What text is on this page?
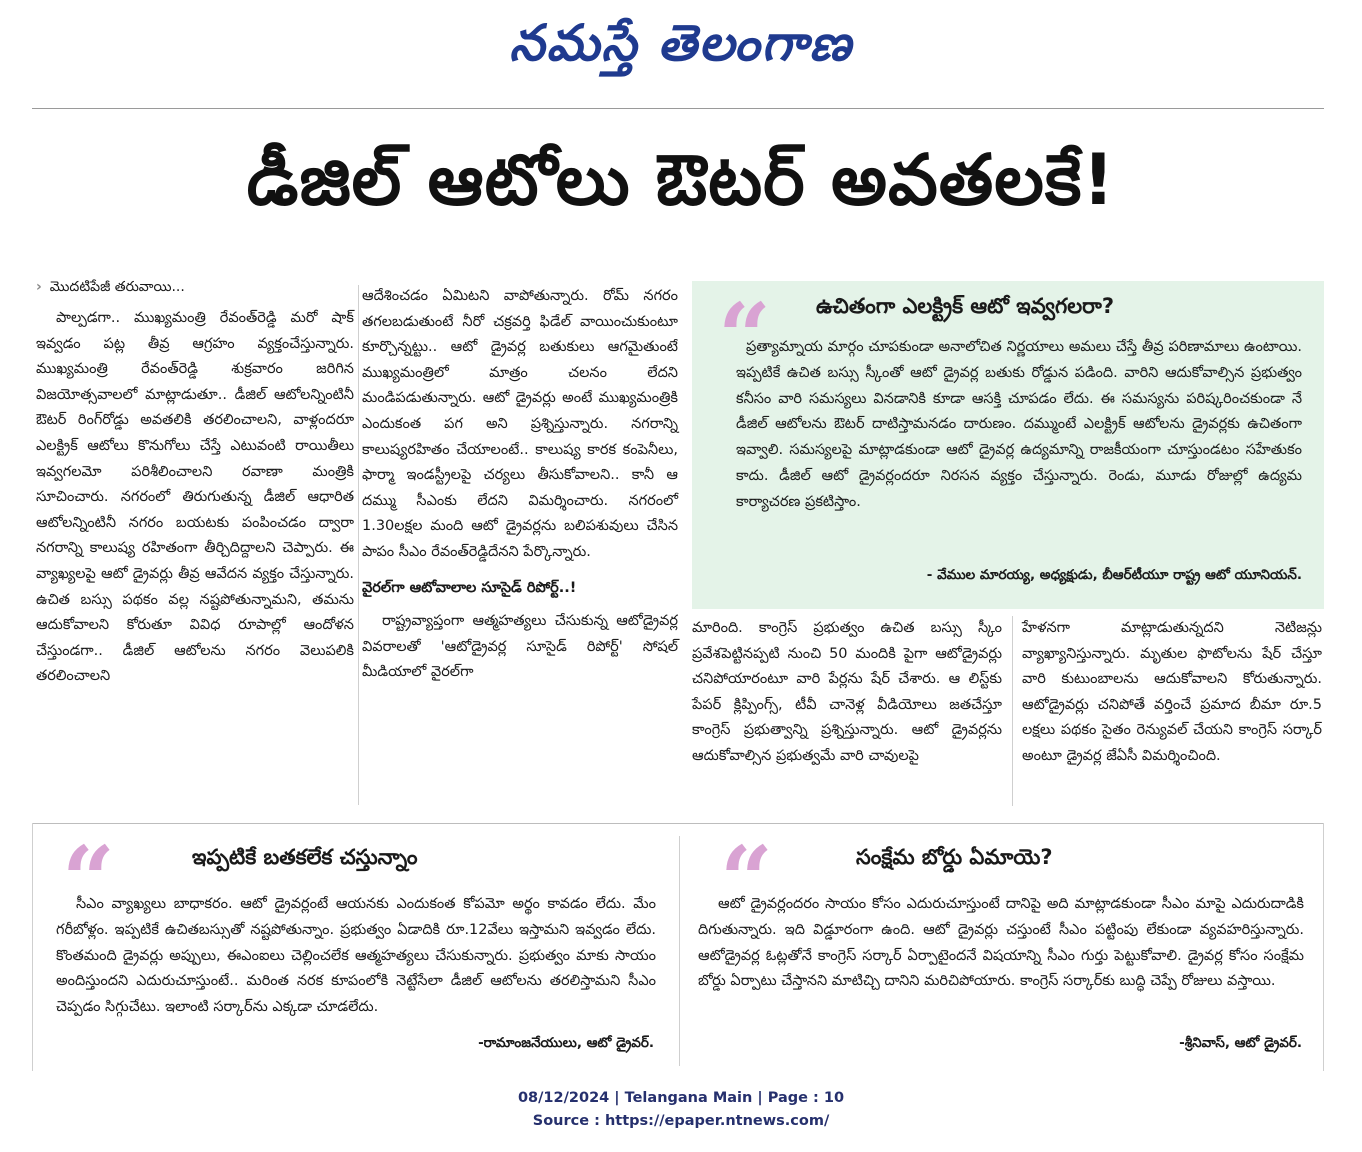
నమస్తే తెలంగాణ
డీజిల్ ఆటోలు ఔటర్ అవతలకే!
› మొదటిపేజీ తరువాయి...

పాల్పడగా.. ముఖ్యమంత్రి రేవంత్‌రెడ్డి మరో షాక్ ఇవ్వడం పట్ల తీవ్ర ఆగ్రహం వ్యక్తంచేస్తున్నారు. ముఖ్యమంత్రి రేవంత్‌రెడ్డి శుక్రవారం జరిగిన విజయోత్సవాలలో మాట్లాడుతూ.. డీజిల్ ఆటోలన్నింటినీ ఔటర్ రింగ్‌రోడ్డు అవతలికి తరలించాలని, వాళ్లందరూ ఎలక్ట్రిక్ ఆటోలు కొనుగోలు చేస్తే ఎటువంటి రాయితీలు ఇవ్వగలమో పరిశీలించాలని రవాణా మంత్రికి సూచించారు. నగరంలో తిరుగుతున్న డీజిల్ ఆధారిత ఆటోలన్నింటినీ నగరం బయటకు పంపించడం ద్వారా నగరాన్ని కాలుష్య రహితంగా తీర్చిదిద్దాలని చెప్పారు. ఈ వ్యాఖ్యలపై ఆటో డ్రైవర్లు తీవ్ర ఆవేదన వ్యక్తం చేస్తున్నారు. ఉచిత బస్సు పథకం వల్ల నష్టపోతున్నామని, తమను ఆదుకోవాలని కోరుతూ వివిధ రూపాల్లో ఆందోళన చేస్తుండగా.. డీజిల్ ఆటోలను నగరం వెలుపలికి తరలించాలని

ఆదేశించడం ఏమిటని వాపోతున్నారు. రోమ్ నగరం తగలబడుతుంటే నీరో చక్రవర్తి ఫిడేల్ వాయించుకుంటూ కూర్చొన్నట్టు.. ఆటో డ్రైవర్ల బతుకులు ఆగమైతుంటే ముఖ్యమంత్రిలో మాత్రం చలనం లేదని మండిపడుతున్నారు. ఆటో డ్రైవర్లు అంటే ముఖ్యమంత్రికి ఎందుకంత పగ అని ప్రశ్నిస్తున్నారు. నగరాన్ని కాలుష్యరహితం చేయాలంటే.. కాలుష్య కారక కంపెనీలు, ఫార్మా ఇండస్ట్రీలపై చర్యలు తీసుకోవాలని.. కానీ ఆ దమ్ము సీఎంకు లేదని విమర్శించారు. నగరంలో 1.30లక్షల మంది ఆటో డ్రైవర్లను బలిపశువులు చేసిన పాపం సీఎం రేవంత్‌రెడ్డిదేనని పేర్కొన్నారు.

వైరల్‌గా ఆటోవాలాల సూసైడ్ రిపోర్ట్..!

రాష్ట్రవ్యాప్తంగా ఆత్మహత్యలు చేసుకున్న ఆటోడ్రైవర్ల వివరాలతో 'ఆటోడ్రైవర్ల సూసైడ్ రిపోర్ట్' సోషల్ మీడియాలో వైరల్‌గా

“ ఉచితంగా ఎలక్ట్రిక్ ఆటో ఇవ్వగలరా?
ప్రత్యామ్నాయ మార్గం చూపకుండా అనాలోచిత నిర్ణయాలు అమలు చేస్తే తీవ్ర పరిణామాలు ఉంటాయి. ఇప్పటికే ఉచిత బస్సు స్కీంతో ఆటో డ్రైవర్ల బతుకు రోడ్డున పడింది. వారిని ఆదుకోవాల్సిన ప్రభుత్వం కనీసం వారి సమస్యలు వినడానికి కూడా ఆసక్తి చూపడం లేదు. ఈ సమస్యను పరిష్కరించకుండా నే డీజిల్ ఆటోలను ఔటర్ దాటిస్తామనడం దారుణం. దమ్ముంటే ఎలక్ట్రిక్ ఆటోలను డ్రైవర్లకు ఉచితంగా ఇవ్వాలి. సమస్యలపై మాట్లాడకుండా ఆటో డ్రైవర్ల ఉద్యమాన్ని రాజకీయంగా చూస్తుండటం సహేతుకం కాదు. డీజిల్ ఆటో డ్రైవర్లందరూ నిరసన వ్యక్తం చేస్తున్నారు. రెండు, మూడు రోజుల్లో ఉద్యమ కార్యాచరణ ప్రకటిస్తాం.
- వేముల మారయ్య, అధ్యక్షుడు, బీఆర్‌టీయూ రాష్ట్ర ఆటో యూనియన్.

మారింది. కాంగ్రెస్ ప్రభుత్వం ఉచిత బస్సు స్కీం ప్రవేశపెట్టినప్పటి నుంచి 50 మందికి పైగా ఆటోడ్రైవర్లు చనిపోయారంటూ వారి పేర్లను షేర్ చేశారు. ఆ లిస్ట్‌కు పేపర్ క్లిప్పింగ్స్, టీవీ చానెళ్ల వీడియోలు జతచేస్తూ కాంగ్రెస్ ప్రభుత్వాన్ని ప్రశ్నిస్తున్నారు. ఆటో డ్రైవర్లను ఆదుకోవాల్సిన ప్రభుత్వమే వారి చావులపై

హేళనగా మాట్లాడుతున్నదని నెటిజన్లు వ్యాఖ్యానిస్తున్నారు. మృతుల ఫొటోలను షేర్ చేస్తూ వారి కుటుంబాలను ఆదుకోవాలని కోరుతున్నారు. ఆటోడ్రైవర్లు చనిపోతే వర్తించే ప్రమాద బీమా రూ.5 లక్షలు పథకం సైతం రెన్యువల్ చేయని కాంగ్రెస్ సర్కార్ అంటూ డ్రైవర్ల జేఏసీ విమర్శించింది.

“	ఇప్పటికే బతకలేక చస్తున్నాం
సీఎం వ్యాఖ్యలు బాధాకరం. ఆటో డ్రైవర్లంటే ఆయనకు ఎందుకంత కోపమో అర్థం కావడం లేదు. మేం గరీబోళ్లం. ఇప్పటికే ఉచితబస్సుతో నష్టపోతున్నాం. ప్రభుత్వం ఏడాదికి రూ.12వేలు ఇస్తామని ఇవ్వడం లేదు. కొంతమంది డ్రైవర్లు అప్పులు, ఈఎంఐలు చెల్లించలేక ఆత్మహత్యలు చేసుకున్నారు. ప్రభుత్వం మాకు సాయం అందిస్తుందని ఎదురుచూస్తుంటే.. మరింత నరక కూపంలోకి నెట్టేసేలా డీజిల్ ఆటోలను తరలిస్తామని సీఎం చెప్పడం సిగ్గుచేటు. ఇలాంటి సర్కార్‌ను ఎక్కడా చూడలేదు.
-రామాంజనేయులు, ఆటో డ్రైవర్.
“	సంక్షేమ బోర్డు ఏమాయె?
ఆటో డ్రైవర్లందరం సాయం కోసం ఎదురుచూస్తుంటే దానిపై అది మాట్లాడకుండా సీఎం మాపై ఎదురుదాడికి దిగుతున్నారు. ఇది విడ్డూరంగా ఉంది. ఆటో డ్రైవర్లు చస్తుంటే సీఎం పట్టింపు లేకుండా వ్యవహరిస్తున్నారు. ఆటోడ్రైవర్ల ఓట్లతోనే కాంగ్రెస్ సర్కార్ ఏర్పాటైందనే విషయాన్ని సీఎం గుర్తు పెట్టుకోవాలి. డ్రైవర్ల కోసం సంక్షేమ బోర్డు ఏర్పాటు చేస్తానని మాటిచ్చి దానిని మరిచిపోయారు. కాంగ్రెస్ సర్కార్‌కు బుద్ధి చెప్పే రోజులు వస్తాయి.
-శ్రీనివాస్, ఆటో డ్రైవర్.
08/12/2024 | Telangana Main | Page : 10
Source : https://epaper.ntnews.com/
